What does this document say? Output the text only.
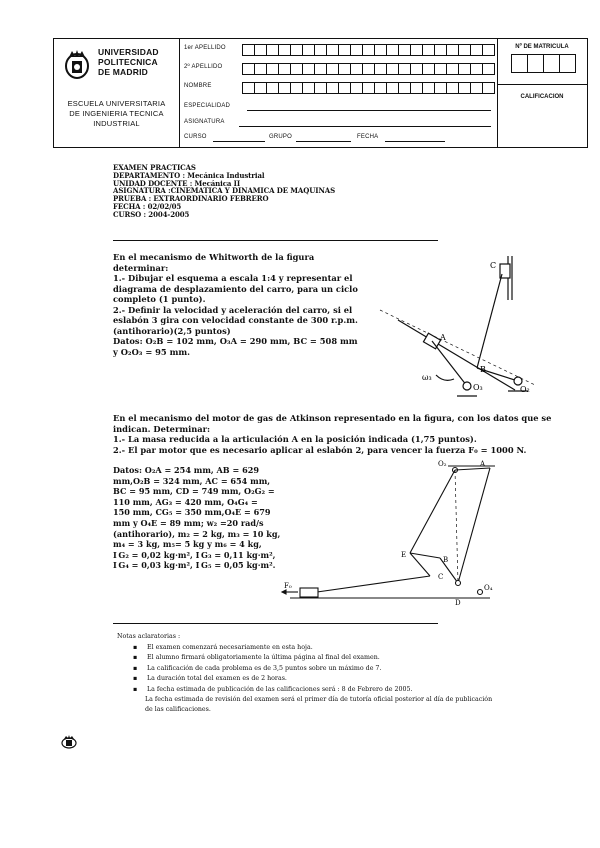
UNIVERSIDAD
POLITECNICA
DE MADRID
ESCUELA UNIVERSITARIA
DE INGENIERIA TECNICA
INDUSTRIAL
1er APELLIDO
2º APELLIDO
NOMBRE
ESPECIALIDAD
ASIGNATURA
CURSO	GRUPO	FECHA
Nº DE MATRICULA
CALIFICACION
EXAMEN PRACTICAS
DEPARTAMENTO : Mecánica Industrial
UNIDAD DOCENTE : Mecánica II
ASIGNATURA :CINEMATICA Y DINAMICA DE MAQUINAS
PRUEBA : EXTRAORDINARIO FEBRERO
FECHA : 02/02/05
CURSO : 2004-2005
En el mecanismo de Whitworth de la figura determinar:
1.- Dibujar el esquema a escala 1:4 y representar el diagrama de desplazamiento del carro, para un ciclo completo (1 punto).
2.- Definir la velocidad y aceleración del carro, si el eslabón 3 gira con velocidad constante de 300 r.p.m. (antihorario)(2,5 puntos)
Datos: O₂B = 102 mm, O₃A = 290 mm, BC = 508 mm y O₂O₃ = 95 mm.
C
A
B
O₃	O₂
ω₃
En el mecanismo del motor de gas de Atkinson representado en la figura, con los datos que se indican. Determinar:
1.- La masa reducida a la articulación A en la posición indicada (1,75 puntos).
2.- El par motor que es necesario aplicar al eslabón 2, para vencer la fuerza F₀ = 1000 N.
Datos: O₂A = 254 mm, AB = 629
mm,O₂B = 324 mm, AC = 654 mm,
BC = 95 mm, CD = 749 mm, O₂G₂ =
110 mm, AG₃ = 420 mm, O₄G₄ =
150 mm, CG₅ = 350 mm,O₄E = 679
mm y O₄E = 89 mm; w₂ =20 rad/s
(antihorario), m₂ = 2 kg, m₃ = 10 kg,
m₄ = 3 kg, m₅= 5 kg y m₆ = 4 kg,
I G₂ = 0,02 kg·m², I G₃ = 0,11 kg·m²,
I G₄ = 0,03 kg·m², I G₅ = 0,05 kg·m².
O₂	A
B
C
E
F₀	O₄
D
Notas aclaratorias :
▪ El examen comenzará necesariamente en esta hoja.
▪ El alumno firmará obligatoriamente la última página al final del examen.
▪ La calificación de cada problema es de 3,5 puntos sobre un máximo de 7.
▪ La duración total del examen es de 2 horas.
▪ La fecha estimada de publicación de las calificaciones será : 8 de Febrero de 2005.
La fecha estimada de revisión del examen será el primer día de tutoría oficial posterior al día de publicación de las calificaciones.
